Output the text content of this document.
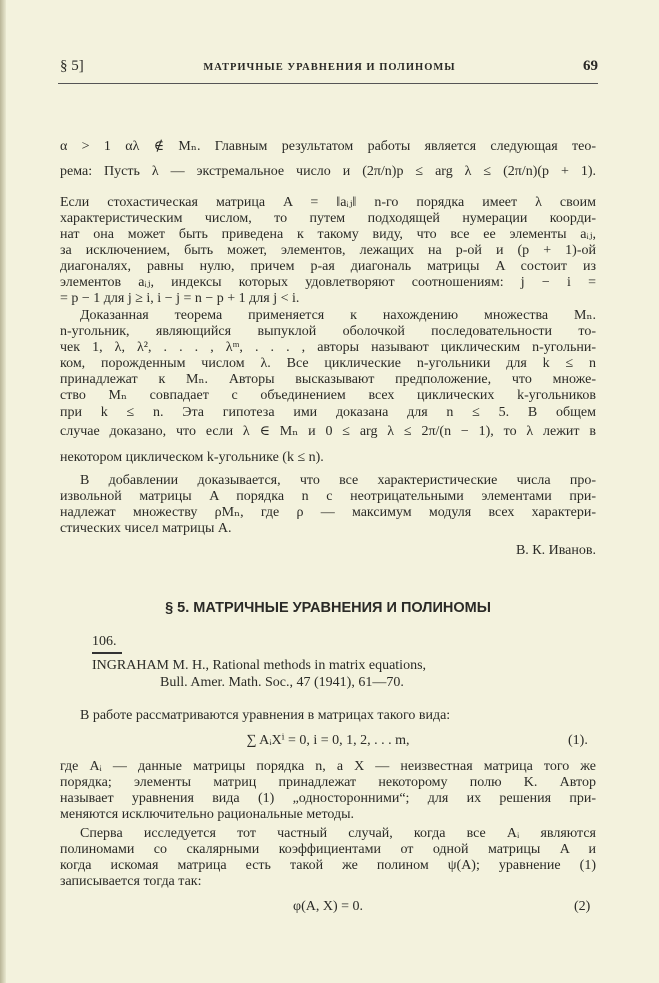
§ 5]	МАТРИЧНЫЕ УРАВНЕНИЯ И ПОЛИНОМЫ	69
α > 1 αλ ∉ Mₙ. Главным результатом работы является следующая тео-
рема: Пусть λ — экстремальное число и (2π/n)p ≤ arg λ ≤ (2π/n)(p + 1).
Если стохастическая матрица A = ‖aᵢⱼ‖ n-го порядка имеет λ своим
характеристическим числом, то путем подходящей нумерации коорди-
нат она может быть приведена к такому виду, что все ее элементы aᵢⱼ,
за исключением, быть может, элементов, лежащих на p-ой и (p + 1)-ой
диагоналях, равны нулю, причем p-ая диагональ матрицы A состоит из
элементов aᵢⱼ, индексы которых удовлетворяют соотношениям: j − i =
= p − 1 для j ≥ i, i − j = n − p + 1 для j < i.
Доказанная теорема применяется к нахождению множества Mₙ.
n-угольник, являющийся выпуклой оболочкой последовательности то-
чек 1, λ, λ², . . . , λᵐ, . . . , авторы называют циклическим n-угольни-
ком, порожденным числом λ. Все циклические n-угольники для k ≤ n
принадлежат к Mₙ. Авторы высказывают предположение, что множе-
ство Mₙ совпадает с объединением всех циклических k-угольников
при k ≤ n. Эта гипотеза ими доказана для n ≤ 5. В общем
случае доказано, что если λ ∈ Mₙ и 0 ≤ arg λ ≤ 2π/(n − 1), то λ лежит в
некотором циклическом k-угольнике (k ≤ n).
В добавлении доказывается, что все характеристические числа про-
извольной матрицы A порядка n с неотрицательными элементами при-
надлежат множеству ρMₙ, где ρ — максимум модуля всех характери-
стических чисел матрицы A.
В. К. Иванов.
§ 5. МАТРИЧНЫЕ УРАВНЕНИЯ И ПОЛИНОМЫ
106.
INGRAHAM M. H., Rational methods in matrix equations,
Bull. Amer. Math. Soc., 47 (1941), 61—70.
В работе рассматриваются уравнения в матрицах такого вида:
∑ AᵢXⁱ = 0, i = 0, 1, 2, . . . m,
где Aᵢ — данные матрицы порядка n, а X — неизвестная матрица того же
порядка; элементы матриц принадлежат некоторому полю K. Автор
называет уравнения вида (1) „односторонними“; для их решения при-
меняются исключительно рациональные методы.
Сперва исследуется тот частный случай, когда все Aᵢ являются
полиномами со скалярными коэффициентами от одной матрицы A и
когда искомая матрица есть такой же полином ψ(A); уравнение (1)
записывается тогда так:
φ(A, X) = 0.
(1).
(2)
